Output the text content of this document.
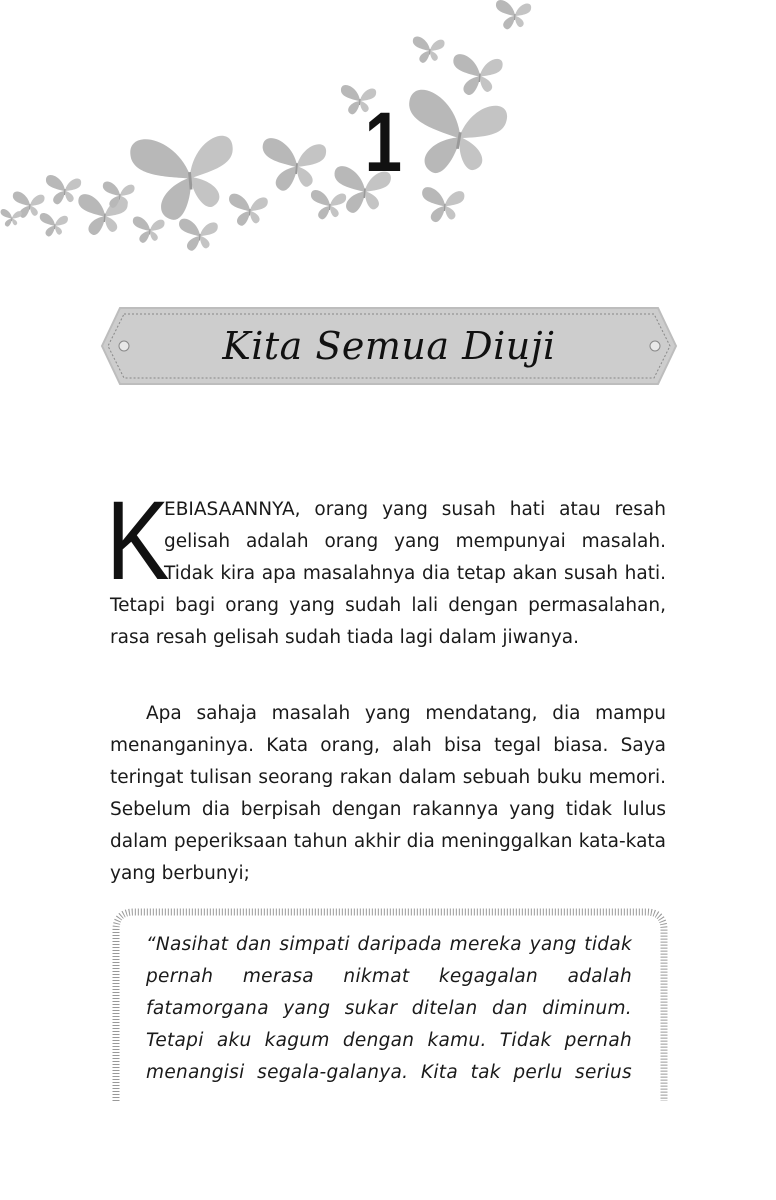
1
Kita Semua Diuji
K
EBIASAANNYA, orang yang susah hati atau resah gelisah adalah orang yang mempunyai masalah. Tidak kira apa masalahnya dia tetap akan susah hati. Tetapi bagi orang yang sudah lali dengan permasalahan, rasa resah gelisah sudah tiada lagi dalam jiwanya.
Apa sahaja masalah yang mendatang, dia mampu menanganinya. Kata orang, alah bisa tegal biasa. Saya teringat tulisan seorang rakan dalam sebuah buku memori. Sebelum dia berpisah dengan rakannya yang tidak lulus dalam peperiksaan tahun akhir dia meninggalkan kata-kata yang berbunyi;
“Nasihat dan simpati daripada mereka yang tidak pernah merasa nikmat kegagalan adalah fatamorgana yang sukar ditelan dan diminum. Tetapi aku kagum dengan kamu. Tidak pernah menangisi segala-galanya. Kita tak perlu serius
